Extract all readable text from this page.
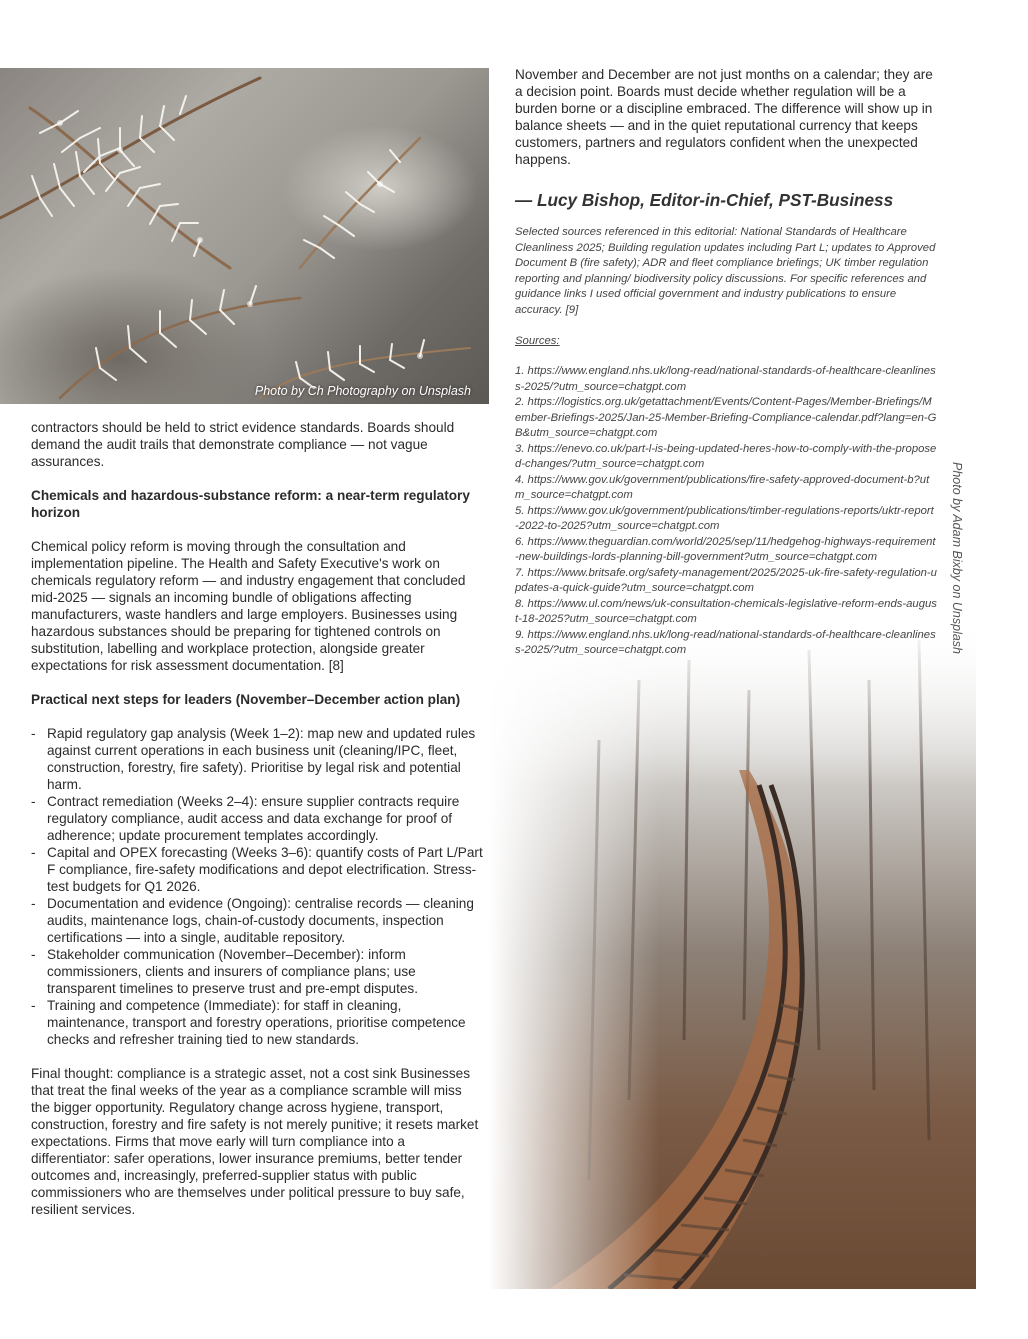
Photo by Ch Photography on Unsplash

contractors should be held to strict evidence standards. Boards should demand the audit trails that demonstrate compliance — not vague assurances.

Chemicals and hazardous-substance reform: a near-term regulatory horizon

Chemical policy reform is moving through the consultation and implementation pipeline. The Health and Safety Executive's work on chemicals regulatory reform — and industry engagement that concluded mid-2025 — signals an incoming bundle of obligations affecting manufacturers, waste handlers and large employers. Businesses using hazardous substances should be preparing for tightened controls on substitution, labelling and workplace protection, alongside greater expectations for risk assessment documentation. [8]

Practical next steps for leaders (November–December action plan)

- Rapid regulatory gap analysis (Week 1–2): map new and updated rules against current operations in each business unit (cleaning/IPC, fleet, construction, forestry, fire safety). Prioritise by legal risk and potential harm.
- Contract remediation (Weeks 2–4): ensure supplier contracts require regulatory compliance, audit access and data exchange for proof of adherence; update procurement templates accordingly.
- Capital and OPEX forecasting (Weeks 3–6): quantify costs of Part L/Part F compliance, fire-safety modifications and depot electrification. Stress-test budgets for Q1 2026.
- Documentation and evidence (Ongoing): centralise records — cleaning audits, maintenance logs, chain-of-custody documents, inspection certifications — into a single, auditable repository.
- Stakeholder communication (November–December): inform commissioners, clients and insurers of compliance plans; use transparent timelines to preserve trust and pre-empt disputes.
- Training and competence (Immediate): for staff in cleaning, maintenance, transport and forestry operations, prioritise competence checks and refresher training tied to new standards.

Final thought: compliance is a strategic asset, not a cost sink Businesses that treat the final weeks of the year as a compliance scramble will miss the bigger opportunity. Regulatory change across hygiene, transport, construction, forestry and fire safety is not merely punitive; it resets market expectations. Firms that move early will turn compliance into a differentiator: safer operations, lower insurance premiums, better tender outcomes and, increasingly, preferred-supplier status with public commissioners who are themselves under political pressure to buy safe, resilient services.

November and December are not just months on a calendar; they are a decision point. Boards must decide whether regulation will be a burden borne or a discipline embraced. The difference will show up in balance sheets — and in the quiet reputational currency that keeps customers, partners and regulators confident when the unexpected happens.

— Lucy Bishop, Editor-in-Chief, PST-Business

Selected sources referenced in this editorial: National Standards of Healthcare Cleanliness 2025; Building regulation updates including Part L; updates to Approved Document B (fire safety); ADR and fleet compliance briefings; UK timber regulation reporting and planning/ biodiversity policy discussions. For specific references and guidance links I used official government and industry publications to ensure accuracy. [9]

Sources:

1. https://www.england.nhs.uk/long-read/national-standards-of-healthcare-cleanliness-2025/?utm_source=chatgpt.com
2. https://logistics.org.uk/getattachment/Events/Content-Pages/Member-Briefings/Member-Briefings-2025/Jan-25-Member-Briefing-Compliance-calendar.pdf?lang=en-GB&utm_source=chatgpt.com
3. https://enevo.co.uk/part-l-is-being-updated-heres-how-to-comply-with-the-proposed-changes/?utm_source=chatgpt.com
4. https://www.gov.uk/government/publications/fire-safety-approved-document-b?utm_source=chatgpt.com
5. https://www.gov.uk/government/publications/timber-regulations-reports/uktr-report-2022-to-2025?utm_source=chatgpt.com
6. https://www.theguardian.com/world/2025/sep/11/hedgehog-highways-requirement-new-buildings-lords-planning-bill-government?utm_source=chatgpt.com
7. https://www.britsafe.org/safety-management/2025/2025-uk-fire-safety-regulation-updates-a-quick-guide?utm_source=chatgpt.com
8. https://www.ul.com/news/uk-consultation-chemicals-legislative-reform-ends-august-18-2025?utm_source=chatgpt.com
9. https://www.england.nhs.uk/long-read/national-standards-of-healthcare-cleanliness-2025/?utm_source=chatgpt.com	Photo by Adam Bixby on Unsplash
